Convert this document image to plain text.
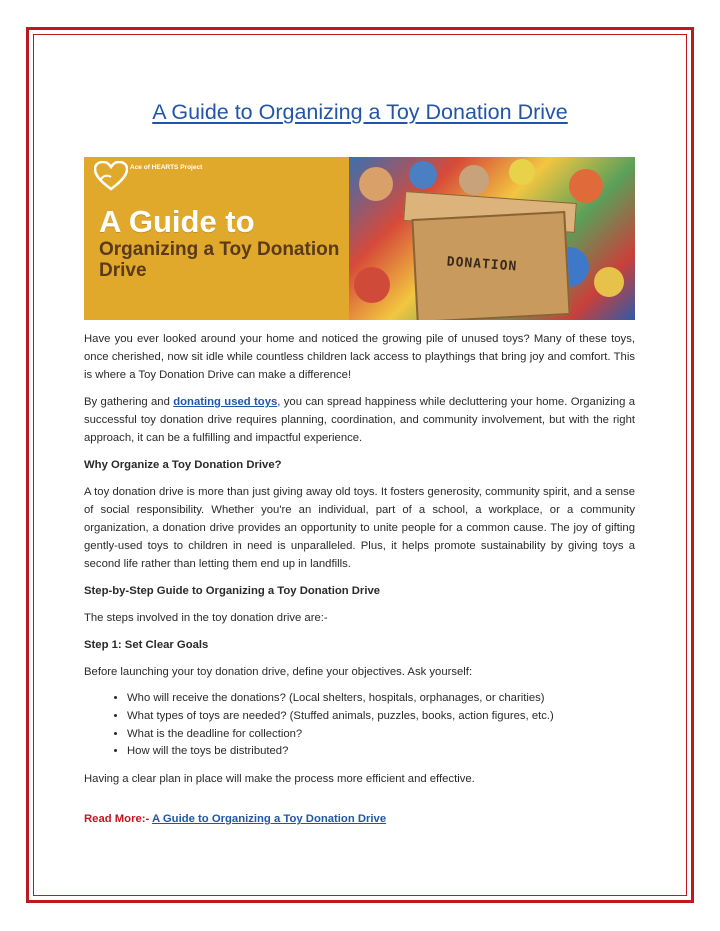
A Guide to Organizing a Toy Donation Drive
DONATION
Ace of HEARTS Project
A Guide to
Organizing a Toy Donation Drive

Have you ever looked around your home and noticed the growing pile of unused toys? Many of these toys, once cherished, now sit idle while countless children lack access to playthings that bring joy and comfort. This is where a Toy Donation Drive can make a difference!

By gathering and donating used toys, you can spread happiness while decluttering your home. Organizing a successful toy donation drive requires planning, coordination, and community involvement, but with the right approach, it can be a fulfilling and impactful experience.

Why Organize a Toy Donation Drive?

A toy donation drive is more than just giving away old toys. It fosters generosity, community spirit, and a sense of social responsibility. Whether you're an individual, part of a school, a workplace, or a community organization, a donation drive provides an opportunity to unite people for a common cause. The joy of gifting gently-used toys to children in need is unparalleled. Plus, it helps promote sustainability by giving toys a second life rather than letting them end up in landfills.

Step-by-Step Guide to Organizing a Toy Donation Drive

The steps involved in the toy donation drive are:-

Step 1: Set Clear Goals

Before launching your toy donation drive, define your objectives. Ask yourself:

• Who will receive the donations? (Local shelters, hospitals, orphanages, or charities)
• What types of toys are needed? (Stuffed animals, puzzles, books, action figures, etc.)
• What is the deadline for collection?
• How will the toys be distributed?

Having a clear plan in place will make the process more efficient and effective.

Read More:- A Guide to Organizing a Toy Donation Drive
